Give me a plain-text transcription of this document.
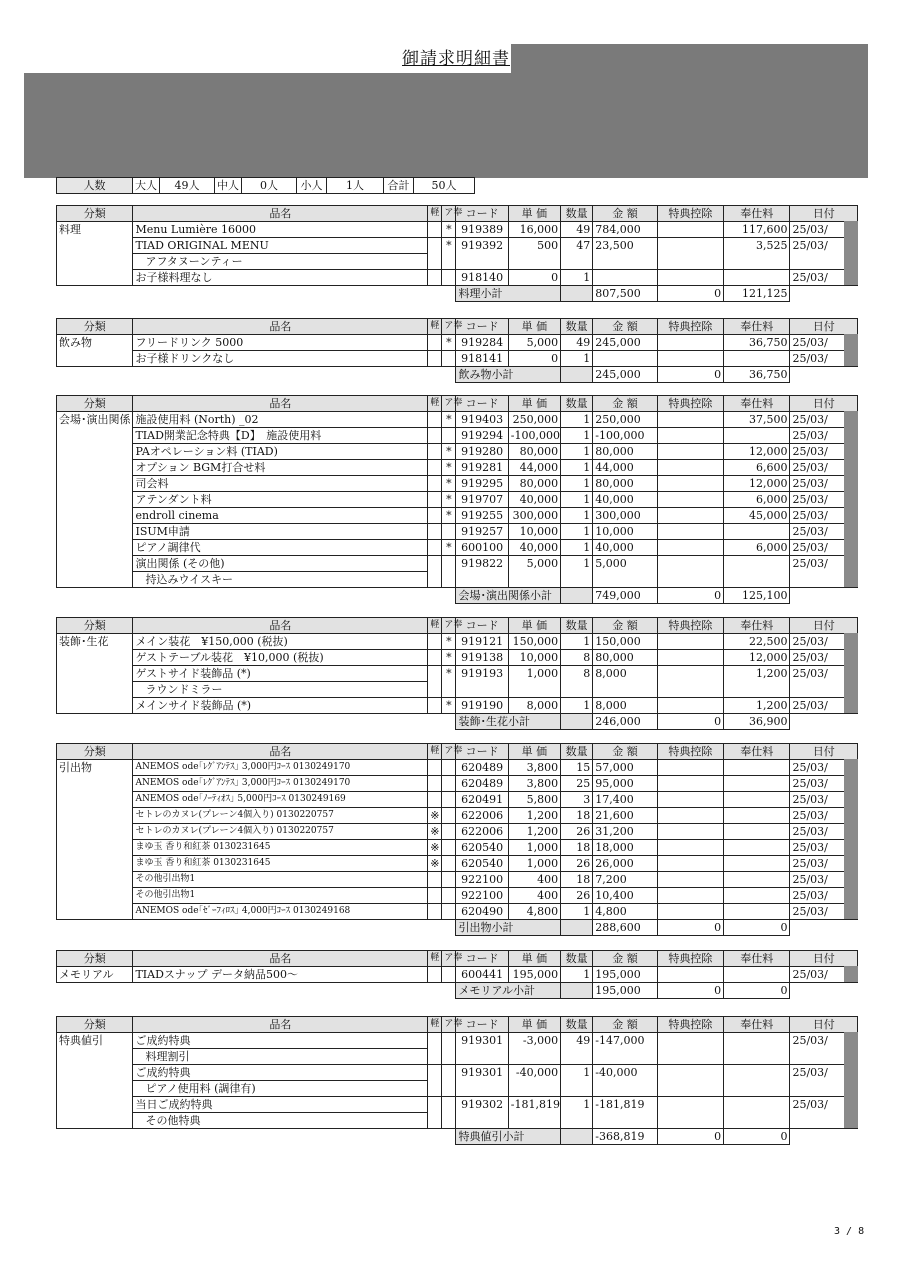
御請求明細書
人数	大人	49人	中人	0人	小人	1人	合計	50人	
分類	品名	軽	ア奉	コード	単 価	数量	金 額	特典控除	奉仕料	日付
料理	Menu Lumière 16000		*	919389	16,000	49	784,000		117,600	25/03/
	TIAD ORIGINAL MENU		*	919392	500	47	23,500		3,525	25/03/
	アフタヌーンティー									
	お子様料理なし			918140	0	1				25/03/
				料理小計			807,500	0	121,125	
分類	品名	軽	ア奉	コード	単 価	数量	金 額	特典控除	奉仕料	日付
飲み物	フリードリンク 5000		*	919284	5,000	49	245,000		36,750	25/03/
	お子様ドリンクなし			918141	0	1				25/03/
				飲み物小計			245,000	0	36,750	
分類	品名	軽	ア奉	コード	単 価	数量	金 額	特典控除	奉仕料	日付
会場･演出関係	施設使用料 (North) _02		*	919403	250,000	1	250,000		37,500	25/03/
	TIAD開業記念特典【D】　施設使用料			919294	-100,000	1	-100,000			25/03/
	PAオペレーション料 (TIAD)		*	919280	80,000	1	80,000		12,000	25/03/
	オプション BGM打合せ料		*	919281	44,000	1	44,000		6,600	25/03/
	司会料		*	919295	80,000	1	80,000		12,000	25/03/
	アテンダント料		*	919707	40,000	1	40,000		6,000	25/03/
	endroll cinema		*	919255	300,000	1	300,000		45,000	25/03/
	ISUM申請			919257	10,000	1	10,000			25/03/
	ピアノ調律代		*	600100	40,000	1	40,000		6,000	25/03/
	演出関係 (その他)			919822	5,000	1	5,000			25/03/
	持込みウイスキー									
				会場･演出関係小計			749,000	0	125,100	
分類	品名	軽	ア奉	コード	単 価	数量	金 額	特典控除	奉仕料	日付
装飾･生花	メイン装花　¥150,000 (税抜)		*	919121	150,000	1	150,000		22,500	25/03/
	ゲストテーブル装花　¥10,000 (税抜)		*	919138	10,000	8	80,000		12,000	25/03/
	ゲストサイド装飾品 (*)		*	919193	1,000	8	8,000		1,200	25/03/
	ラウンドミラー									
	メインサイド装飾品 (*)		*	919190	8,000	1	8,000		1,200	25/03/
				装飾･生花小計			246,000	0	36,900	
分類	品名	軽	ア奉	コード	単 価	数量	金 額	特典控除	奉仕料	日付
引出物	ANEMOS ode｢ﾚｸﾞｱﾝﾃｽ｣ 3,000円ｺｰｽ 0130249170			620489	3,800	15	57,000			25/03/
	ANEMOS ode｢ﾚｸﾞｱﾝﾃｽ｣ 3,000円ｺｰｽ 0130249170			620489	3,800	25	95,000			25/03/
	ANEMOS ode｢ﾉｰﾃｨｵｽ｣ 5,000円ｺｰｽ 0130249169			620491	5,800	3	17,400			25/03/
	セトレのカヌレ(プレーン4個入り) 0130220757	※		622006	1,200	18	21,600			25/03/
	セトレのカヌレ(プレーン4個入り) 0130220757	※		622006	1,200	26	31,200			25/03/
	まゆ玉 香り和紅茶 0130231645	※		620540	1,000	18	18,000			25/03/
	まゆ玉 香り和紅茶 0130231645	※		620540	1,000	26	26,000			25/03/
	その他引出物1			922100	400	18	7,200			25/03/
	その他引出物1			922100	400	26	10,400			25/03/
	ANEMOS ode｢ｾﾞｰﾌｨﾛｽ｣ 4,000円ｺｰｽ 0130249168			620490	4,800	1	4,800			25/03/
				引出物小計			288,600	0	0	
分類	品名	軽	ア奉	コード	単 価	数量	金 額	特典控除	奉仕料	日付
メモリアル	TIADスナップ データ納品500〜			600441	195,000	1	195,000			25/03/
				メモリアル小計			195,000	0	0	
分類	品名	軽	ア奉	コード	単 価	数量	金 額	特典控除	奉仕料	日付
特典値引	ご成約特典			919301	-3,000	49	-147,000			25/03/
	料理割引									
	ご成約特典			919301	-40,000	1	-40,000			25/03/
	ピアノ使用料 (調律有)									
	当日ご成約特典			919302	-181,819	1	-181,819			25/03/
	その他特典									
				特典値引小計			-368,819	0	0	
3 / 8
